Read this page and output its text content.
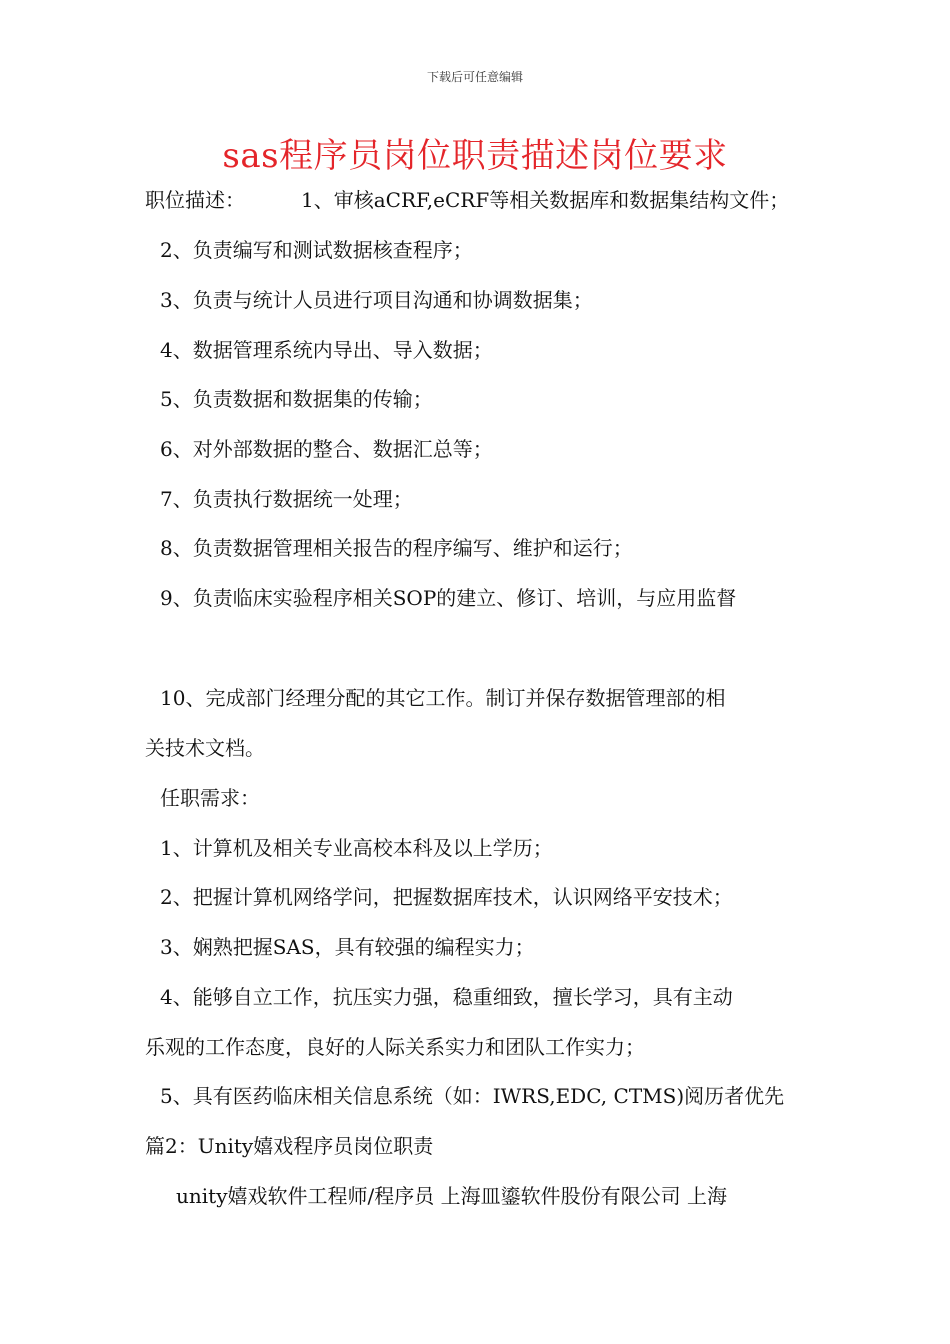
下载后可任意编辑
sas程序员岗位职责描述岗位要求
职位描述：	1、审核aCRF,eCRF等相关数据库和数据集结构文件；
2、负责编写和测试数据核查程序；
3、负责与统计人员进行项目沟通和协调数据集；
4、数据管理系统内导出、导入数据；
5、负责数据和数据集的传输；
6、对外部数据的整合、数据汇总等；
7、负责执行数据统一处理；
8、负责数据管理相关报告的程序编写、维护和运行；
9、负责临床实验程序相关SOP的建立、修订、培训，与应用监督
10、完成部门经理分配的其它工作。制订并保存数据管理部的相
关技术文档。
任职需求：
1、计算机及相关专业高校本科及以上学历；
2、把握计算机网络学问，把握数据库技术，认识网络平安技术；
3、娴熟把握SAS，具有较强的编程实力；
4、能够自立工作，抗压实力强，稳重细致，擅长学习，具有主动
乐观的工作态度，良好的人际关系实力和团队工作实力；
5、具有医药临床相关信息系统（如：IWRS,EDC, CTMS)阅历者优先
篇2：Unity嬉戏程序员岗位职责
unity嬉戏软件工程师/程序员 上海皿鎏软件股份有限公司 上海
